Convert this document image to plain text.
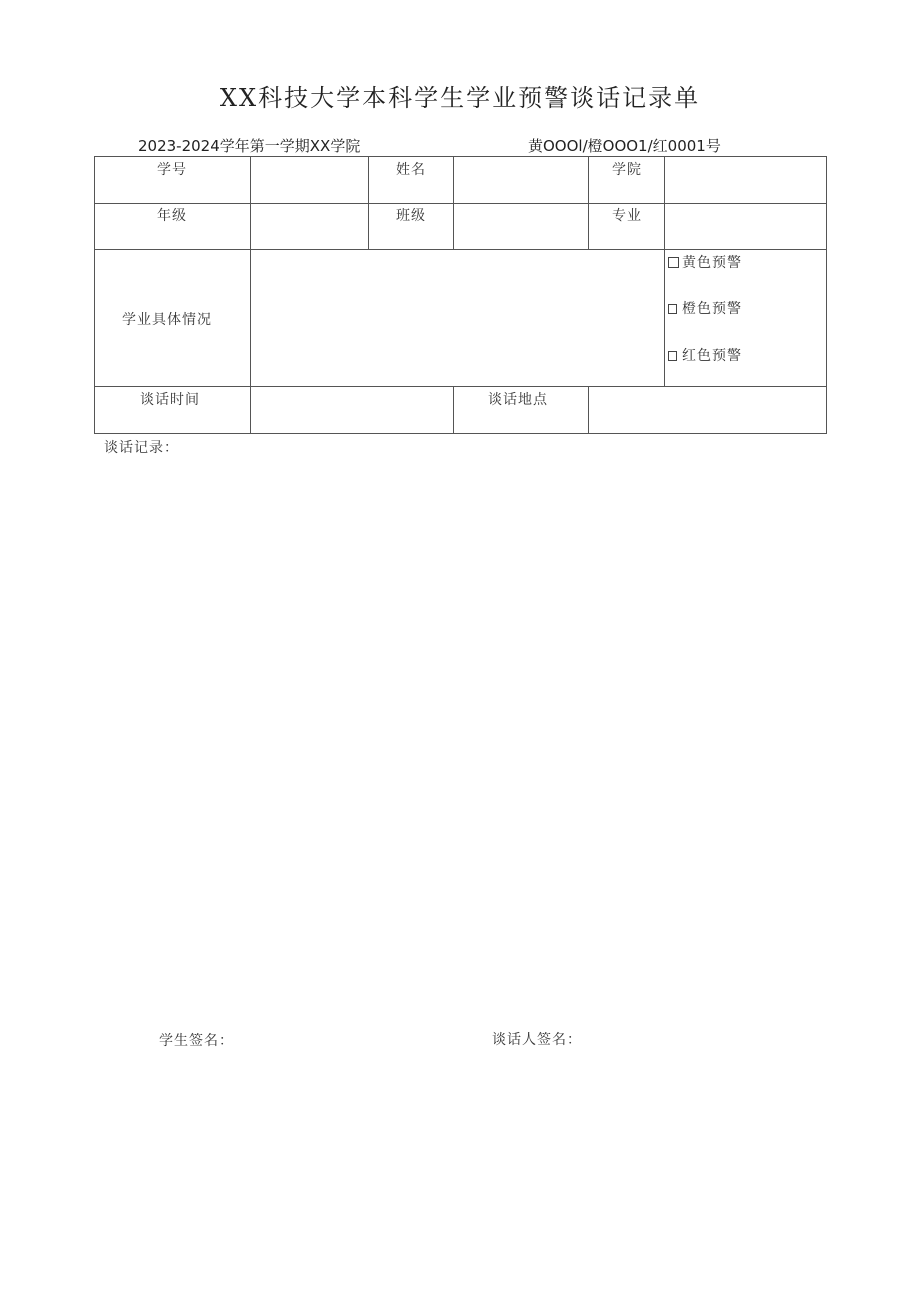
XX科技大学本科学生学业预警谈话记录单
2023-2024学年第一学期XX学院	黄OOOl/橙OOO1/红0001号
学号	姓名	学院
年级	班级	专业
学业具体情况
黄色预警
橙色预警
红色预警
谈话时间	谈话地点
谈话记录：
学生签名：	谈话人签名：
